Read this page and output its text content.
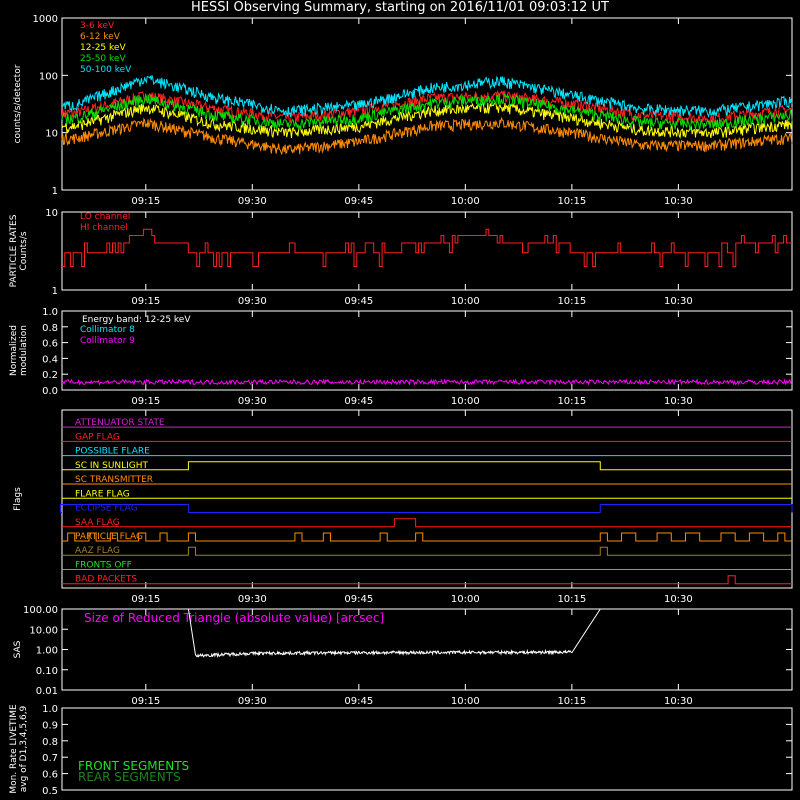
HESSI Observing Summary, starting on 2016/11/01 09:03:12 UT
09:15	09:30	09:45	10:00	10:15	10:30
counts/s/detector
1
10
100
1000
3-6 keV
6-12 keV
12-25 keV
25-50 keV
50-100 keV
09:15	09:30	09:45	10:00	10:15	10:30
PARTICLE RATES Counts/s
1
10 LO channel
HI channel
09:15	09:30	09:45	10:00	10:15	10:30
Normalized modulation
0.0
0.2
0.4
0.6
0.8
1.0
Energy band: 12-25 keV
Collimator 8
Collimator 9
09:15	09:30	09:45	10:00	10:15	10:30
Flags
ATTENUATOR STATE
GAP FLAG
POSSIBLE FLARE
SC IN SUNLIGHT
SC TRANSMITTER
FLARE FLAG
ECLIPSE FLAG
SAA FLAG
PARTICLE FLAG
AAZ FLAG
FRONTS OFF
BAD PACKETS
09:15	09:30	09:45	10:00	10:15	10:30
SAS
0.01
0.10
1.00
10.00
100.00
Size of Reduced Triangle (absolute value) [arcsec]
Mon. Rate LIVETIME avg of D1,3,4,5,6,9 0.5
0.6
0.7
0.8
0.9
1.0
FRONT SEGMENTS
REAR SEGMENTS
